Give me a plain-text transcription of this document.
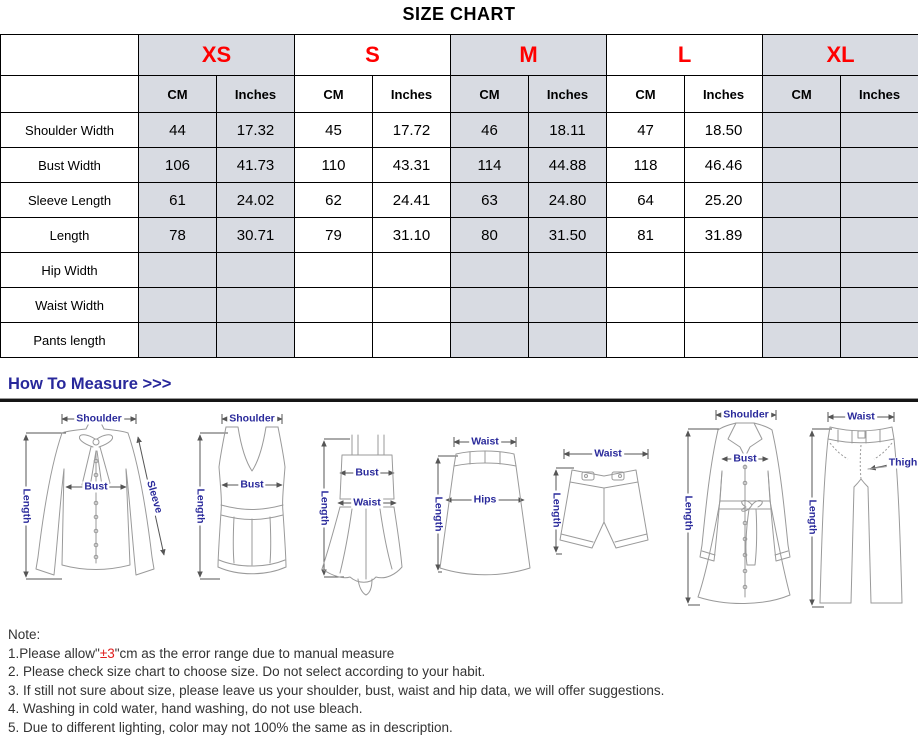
SIZE CHART
	XS		S		M		L		XL	
	CM	Inches	CM	Inches	CM	Inches	CM	Inches	CM	Inches
Shoulder Width	44	17.32	45	17.72	46	18.11	47	18.50		
Bust Width	106	41.73	110	43.31	114	44.88	118	46.46		
Sleeve Length	61	24.02	62	24.41	63	24.80	64	25.20		
Length	78	30.71	79	31.10	80	31.50	81	31.89		
Hip Width										
Waist Width										
Pants length										
How To Measure >>>
Shoulder
Length
Bust	Sleeve
Shoulder
Length
Bust
Bust
Waist
Length
Waist
Hips
Length
Waist
Length
Shoulder
Bust
Length
Waist
Thigh
Length
Note:
1.Please allow"±3"cm as the error range due to manual measure
2. Please check size chart to choose size. Do not select according to your habit.
3. If still not sure about size, please leave us your shoulder, bust, waist and hip data, we will offer suggestions.
4. Washing in cold water, hand washing, do not use bleach.
5. Due to different lighting, color may not 100% the same as in description.
